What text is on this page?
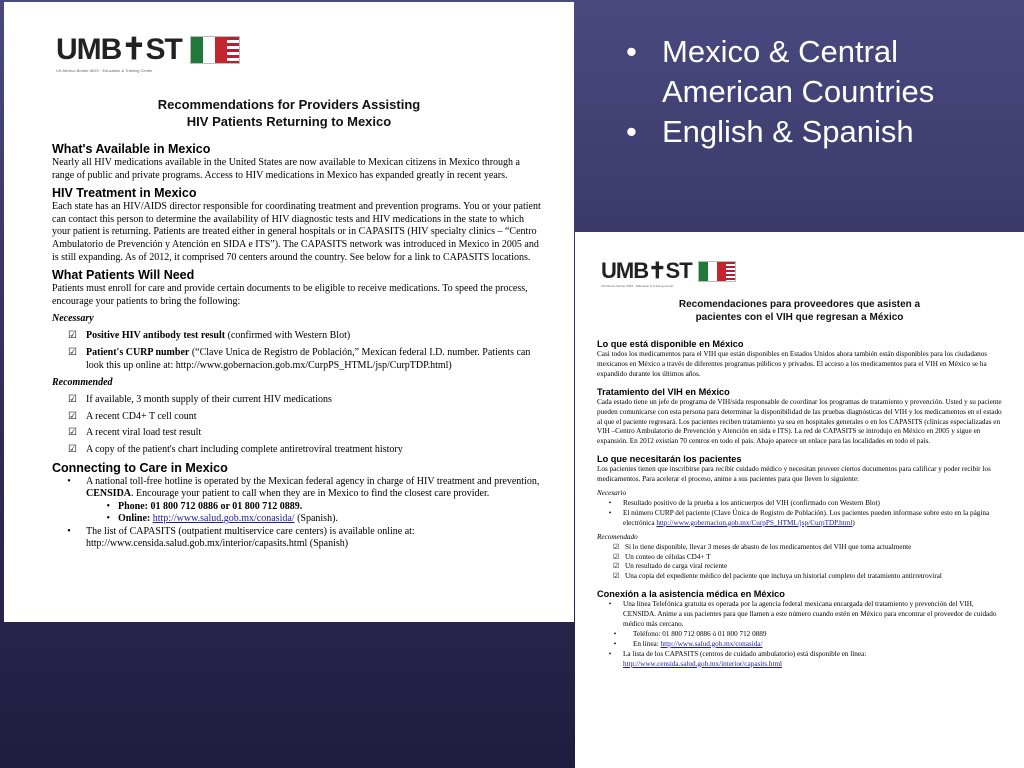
UMB✝ST
US-Mexico Border AIDS · Education & Training Center
Recommendations for Providers Assisting
HIV Patients Returning to Mexico

What's Available in Mexico

Nearly all HIV medications available in the United States are now available to Mexican citizens in Mexico through a range of public and private programs. Access to HIV medications in Mexico has expanded greatly in recent years.

HIV Treatment in Mexico

Each state has an HIV/AIDS director responsible for coordinating treatment and prevention programs. You or your patient can contact this person to determine the availability of HIV diagnostic tests and HIV medications in the state to which your patient is returning. Patients are treated either in general hospitals or in CAPASITS (HIV specialty clinics – “Centro Ambulatorio de Prevención y Atención en SIDA e ITS”). The CAPASITS network was introduced in Mexico in 2005 and is still expanding. As of 2012, it comprised 70 centers around the country. See below for a link to CAPASITS locations.

What Patients Will Need

Patients must enroll for care and provide certain documents to be eligible to receive medications. To speed the process, encourage your patients to bring the following:

Necessary

☑ Positive HIV antibody test result (confirmed with Western Blot)
☑ Patient's CURP number (“Clave Unica de Registro de Población,” Mexican federal I.D. number. Patients can look this up online at: http://www.gobernacion.gob.mx/CurpPS_HTML/jsp/CurpTDP.html)

Recommended

☑ If available, 3 month supply of their current HIV medications
☑ A recent CD4+ T cell count
☑ A recent viral load test result
☑ A copy of the patient's chart including complete antiretroviral treatment history

Connecting to Care in Mexico

•	A national toll-free hotline is operated by the Mexican federal agency in charge of HIV treatment and prevention, CENSIDA. Encourage your patient to call when they are in Mexico to find the closest care provider.
• Phone: 01 800 712 0886 or 01 800 712 0889.
• Online: http://www.salud.gob.mx/conasida/ (Spanish).
•	The list of CAPASITS (outpatient multiservice care centers) is available online at: http://www.censida.salud.gob.mx/interior/capasits.html (Spanish)
• Mexico & Central American Countries
• English & Spanish
UMB✝ST
US-Mexico Border AIDS · Education & Training Center
Recomendaciones para proveedores que asisten a
pacientes con el VIH que regresan a México

Lo que está disponible en México

Casi todos los medicamentos para el VIH que están disponibles en Estados Unidos ahora también están disponibles para los ciudadanos mexicanos en México a través de diferentes programas públicos y privados. El acceso a los medicamentos para el VIH en México se ha expandido durante los últimos años.

Tratamiento del VIH en México

Cada estado tiene un jefe de programa de VIH/sida responsable de coordinar los programas de tratamiento y prevención. Usted y su paciente pueden comunicarse con esta persona para determinar la disponibilidad de las pruebas diagnósticas del VIH y los medicamentos en el estado al que el paciente regresará. Los pacientes reciben tratamiento ya sea en hospitales generales o en los CAPASITS (clínicas especializadas en VIH –Centro Ambulatorio de Prevención y Atención en sida e ITS). La red de CAPASITS se introdujo en México en 2005 y sigue en expansión. En 2012 existían 70 centros en todo el país. Abajo aparece un enlace para las localidades en todo el país.

Lo que necesitarán los pacientes

Los pacientes tienen que inscribirse para recibir cuidado médico y necesitan proveer ciertos documentos para calificar y poder recibir los medicamentos. Para acelerar el proceso, anime a sus pacientes para que lleven lo siguiente:

Necesario

•	Resultado positivo de la prueba a los anticuerpos del VIH (confirmado con Western Blot)
•	El número CURP del paciente (Clave Única de Registro de Población). Los pacientes pueden informase sobre esto en la página electrónica http://www.gobernacion.gob.mx/CurpPS_HTML/jsp/CurpTDP.html)

Recomendado

☑ Si lo tiene disponible, llevar 3 meses de abasto de los medicamentos del VIH que toma actualmente
☑ Un conteo de células CD4+ T
☑ Un resultado de carga viral reciente
☑ Una copia del expediente médico del paciente que incluya un historial completo del tratamiento antirretroviral

Conexión a la asistencia médica en México

•	Una línea Telefónica gratuita es operada por la agencia federal mexicana encargada del tratamiento y prevención del VIH, CENSIDA. Anime a sus pacientes para que llamen a este número cuando estén en México para encontrar el proveedor de cuidado médico más cercano.
•	Teléfono: 01 800 712 0886 ó 01 800 712 0889
•	En línea: http://www.salud.gob.mx/conasida/
•	La lista de los CAPASITS (centros de cuidado ambulatorio) está disponible en línea:
http://www.censida.salud.gob.mx/interior/capasits.html
